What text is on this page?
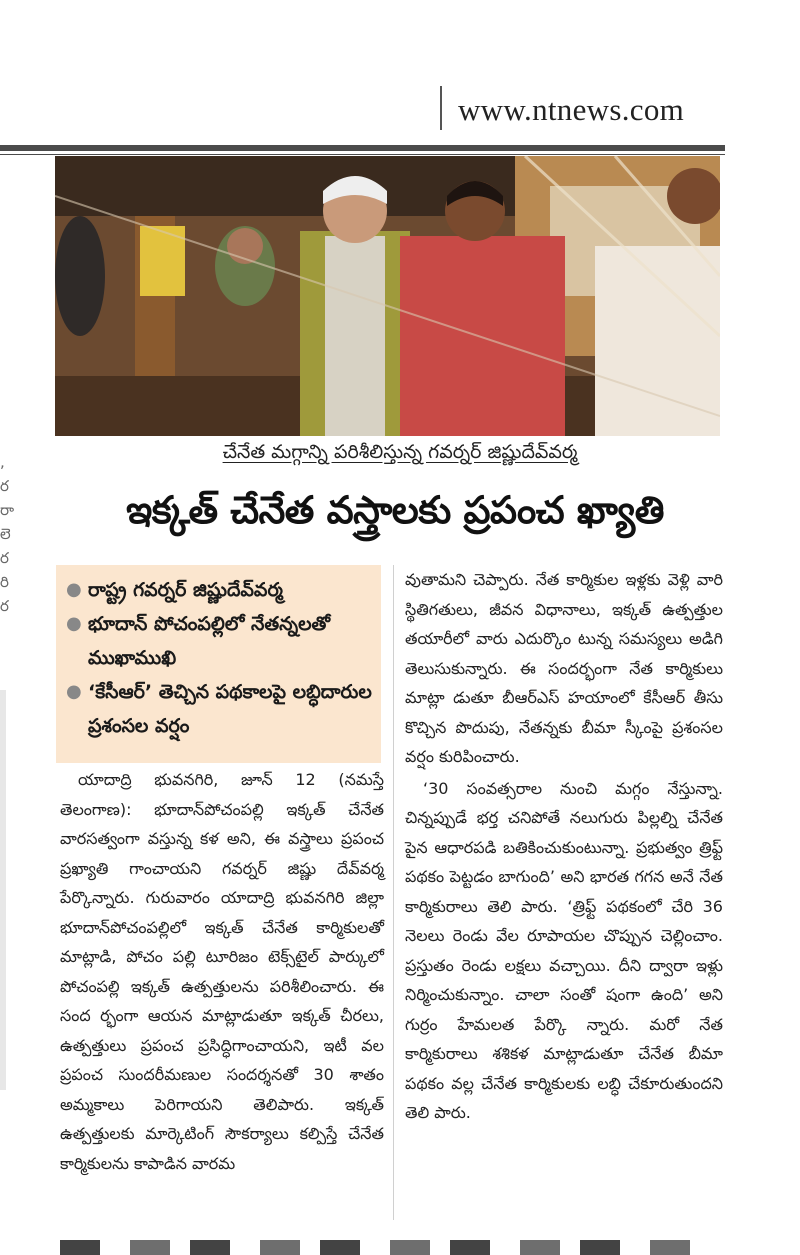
www.ntnews.com
,
ర
రా
లె
ర
రి
ర
చేనేత మగ్గాన్ని పరిశీలిస్తున్న గవర్నర్ జిష్ణుదేవ్‌వర్మ
ఇక్కత్ చేనేత వస్త్రాలకు ప్రపంచ ఖ్యాతి
● రాష్ట్ర గవర్నర్ జిష్ణుదేవ్‌వర్మ
● భూదాన్ పోచంపల్లిలో నేతన్నలతో ముఖాముఖి
● ‘కేసీఆర్’ తెచ్చిన పథకాలపై లబ్ధిదారుల ప్రశంసల వర్షం

యాదాద్రి భువనగిరి, జూన్ 12 (నమస్తే తెలంగాణ): భూదాన్‌పోచంపల్లి ఇక్కత్ చేనేత వారసత్వంగా వస్తున్న కళ అని, ఈ వస్త్రాలు ప్రపంచ ప్రఖ్యాతి గాంచాయని గవర్నర్ జిష్ణు దేవ్‌వర్మ పేర్కొన్నారు. గురువారం యాదాద్రి భువనగిరి జిల్లా భూదాన్‌పోచంపల్లిలో ఇక్కత్ చేనేత కార్మికులతో మాట్లాడి, పోచం పల్లి టూరిజం టెక్స్‌టైల్ పార్కులో పోచంపల్లి ఇక్కత్ ఉత్పత్తులను పరిశీలించారు. ఈ సంద ర్భంగా ఆయన మాట్లాడుతూ ఇక్కత్ చీరలు, ఉత్పత్తులు ప్రపంచ ప్రసిద్ధిగాంచాయని, ఇటీ వల ప్రపంచ సుందరీమణుల సందర్శనతో 30 శాతం అమ్మకాలు పెరిగాయని తెలిపారు. ఇక్కత్ ఉత్పత్తులకు మార్కెటింగ్ సౌకర్యాలు కల్పిస్తే చేనేత కార్మికులను కాపాడిన వారమ

వుతామని చెప్పారు. నేత కార్మికుల ఇళ్లకు వెళ్లి వారి స్థితిగతులు, జీవన విధానాలు, ఇక్కత్ ఉత్పత్తుల తయారీలో వారు ఎదుర్కొం టున్న సమస్యలు అడిగి తెలుసుకున్నారు. ఈ సందర్భంగా నేత కార్మికులు మాట్లా డుతూ బీఆర్‌ఎస్ హయాంలో కేసీఆర్ తీసు కొచ్చిన పొదుపు, నేతన్నకు బీమా స్కీంపై ప్రశంసల వర్షం కురిపించారు.

‘30 సంవత్సరాల నుంచి మగ్గం నేస్తున్నా. చిన్నప్పుడే భర్త చనిపోతే నలుగురు పిల్లల్ని చేనేత పైన ఆధారపడి బతికించుకుంటున్నా. ప్రభుత్వం త్రిఫ్ట్ పథకం పెట్టడం బాగుంది’ అని భారత గగన అనే నేత కార్మికురాలు తెలి పారు. ‘త్రిఫ్ట్ పథకంలో చేరి 36 నెలలు రెండు వేల రూపాయల చొప్పున చెల్లించాం. ప్రస్తుతం రెండు లక్షలు వచ్చాయి. దీని ద్వారా ఇళ్లు నిర్మించుకున్నాం. చాలా సంతో షంగా ఉంది’ అని గుర్రం హేమలత పేర్కొ న్నారు. మరో నేత కార్మికురాలు శశికళ మాట్లాడుతూ చేనేత బీమా పథకం వల్ల చేనేత కార్మికులకు లబ్ధి చేకూరుతుందని తెలి పారు.
